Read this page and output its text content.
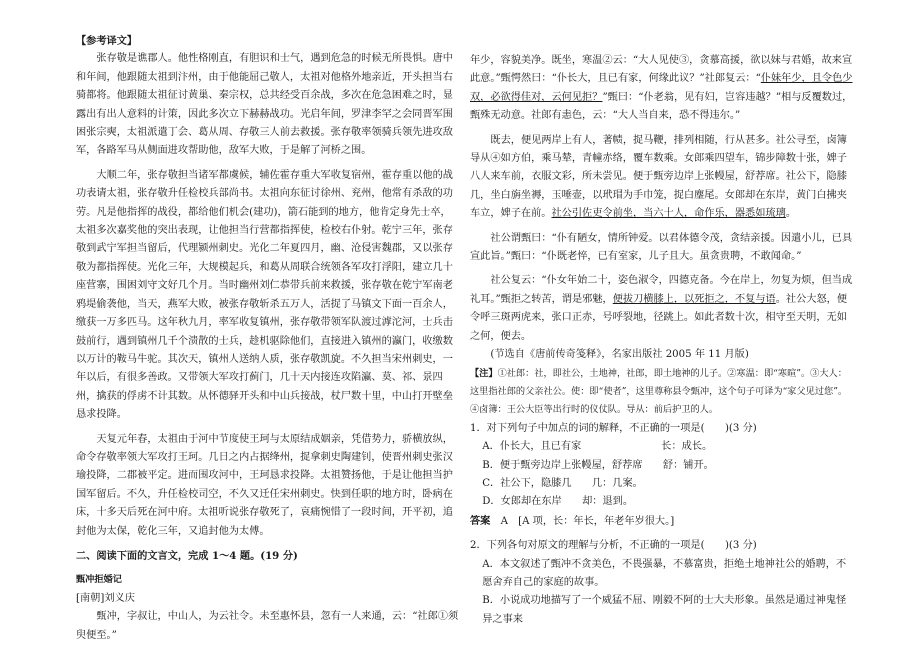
【参考译文】

张存敬是谯郡人。他性格刚直，有胆识和士气，遇到危急的时候无所畏惧。唐中和年间，他跟随太祖到汴州，由于他能屈己敬人，太祖对他格外地亲近，开头担当右骑都将。他跟随太祖征讨黄巢、秦宗权，总共经受百余战，多次在危急困难之时，显露出有出人意料的计策，因此多次立下赫赫战功。光启年间，罗津李罕之会同晋军围困张宗奭，太祖派遣丁会、葛从周、存敬三人前去救援。张存敬率领骑兵领先进攻敌军，各路军马从侧面进攻帮助他，敌军大败，于是解了河桥之围。

大顺二年，张存敬担当诸军都虞候，辅佐霍存重大军收复宿州，霍存重以他的战功表请太祖，张存敬升任检校兵部尚书。太祖向东征讨徐州、兖州，他常有杀敌的功劳。凡是他指挥的战役，都给他们机会(建功)，箭石能到的地方，他肯定身先士卒，太祖多次嘉奖他的突出表现，让他担当行营都指挥使，检校右仆射。乾宁三年，张存敬到武宁军担当留后，代理颍州刺史。光化二年夏四月，幽、沧侵害魏郡，又以张存敬为都指挥使。光化三年，大规模起兵，和葛从周联合统领各军攻打浮阳，建立几十座营寨，围困刘守文好几个月。当时幽州刘仁恭带兵前来救援，张存敬在乾宁军南老鸦堤偷袭他，当天，燕军大败，被张存敬斩杀五万人，活捉了马镇文下面一百余人，缴获一万多匹马。这年秋九月，率军收复镇州，张存敬带领军队渡过滹沱河，士兵击鼓前行，遇到镇州几千个溃散的士兵，趁机驱除他们，直接进入镇州的瀛门，收缴数以万计的鞍马牛驼。其次天，镇州人送纳人质，张存敬凯旋。不久担当宋州刺史，一年以后，有很多善政。又带领大军攻打蓟门，几十天内接连攻陷瀛、莫、祁、景四州，擒获的俘虏不计其数。从怀德驿开头和中山兵接战，杖尸数十里，中山打开壁垒恳求投降。

天复元年春，太祖由于河中节度使王珂与太原结成姻亲，凭借势力，骄横放纵，命令存敬率领大军攻打王珂。几日之内占据绛州，捉拿刺史陶建钊，使晋州刺史张汉瑜投降，二郡被平定。进而围攻河中，王珂恳求投降。太祖赞扬他，于是让他担当护国军留后。不久，升任检校司空，不久又迁任宋州刺史。快到任职的地方时，卧病在床，十多天后死在河中府。太祖听说张存敬死了，哀痛惋惜了一段时间，开平初，追封他为太保，乾化三年，又追封他为太傅。

二、阅读下面的文言文，完成 1～4 题。(19 分)

甄冲拒婚记

[南朝]刘义庆

甄冲，字叔让，中山人，为云社令。未至惠怀县，忽有一人来通，云：“社郎①须臾便至。”

年少，容貌美净。既坐，寒温②云：“大人见使③，贪慕高援，欲以妹与君婚，故来宣此意。”甄愕然曰：“仆长大，且已有家，何缘此议？”社郎复云：“仆妹年少，且令色少双，必欲得佳对，云何见拒？”甄曰：“仆老翁，见有妇，岂容违越？”相与反覆数过，甄殊无动意。社郎有恚色，云：“大人当自来，恐不得违尔。”

既去，便见两岸上有人，著帻，捉马鞭，排列相随，行从甚多。社公寻至，卤簿导从④如方伯，乘马辇，青幢赤络，覆车数乘。女郎乘四望车，锦步障数十张，婢子八人来车前，衣服文彩，所未尝见。便于甄旁边岸上张幔屋，舒荐席。社公下，隐膝几，坐白旃坐褥，玉唾壶，以玳瑁为手巾笼，捉白麈尾。女郎却在东岸，黄门白拂夹车立，婢子在前。社公引佐吏令前坐，当六十人，命作乐，器悉如琉璃。

社公谓甄曰：“仆有陋女，情所钟爱。以君体德令茂，贪结亲援。因遣小儿，已具宣此旨。”甄曰：“仆既老悴，已有室家，儿子且大。虽贪贵聘，不敢闻命。”

社公复云：“仆女年始二十，姿色淑令，四德克备。今在岸上，勿复为烦，但当成礼耳。”甄拒之转苦，谓是邪魅，便拔刀横膝上，以死拒之，不复与语。社公大怒，便令呼三斑两虎来，张口正赤，号呼裂地，径跳上。如此者数十次，相守至天明，无如之何，便去。

(节选自《唐前传奇笺释》，名家出版社 2005 年 11 月版)

【注】①社郎：社，即社公，土地神，社郎，即土地神的儿子。②寒温：即“寒暄”。③大人：这里指社郎的父亲社公。使：即“使者”，这里尊称县令甄冲，这个句子可译为“家父见过您”。④卤簿：王公大臣等出行时的仪仗队。导从：前后护卫的人。

1．对下列句子中加点的词的解释，不正确的一项是(　　)(3 分)

A．仆长大，且已有家	长：成长。

B．便于甄旁边岸上张幔屋，舒荐席　　舒：铺开。

C．社公下，隐膝几　　几：几案。

D．女郎却在东岸　　却：退到。

答案　 A　 [A 项，长：年长，年老年岁很大。]

2．下列各句对原文的理解与分析，不正确的一项是(　　)(3 分)

A．本文叙述了甄冲不贪美色，不畏强暴，不慕富贵，拒绝土地神社公的婚聘，不愿舍弃自己的家庭的故事。

B．小说成功地描写了一个威猛不屈、刚毅不阿的士大夫形象。虽然是通过神鬼怪异之事来
